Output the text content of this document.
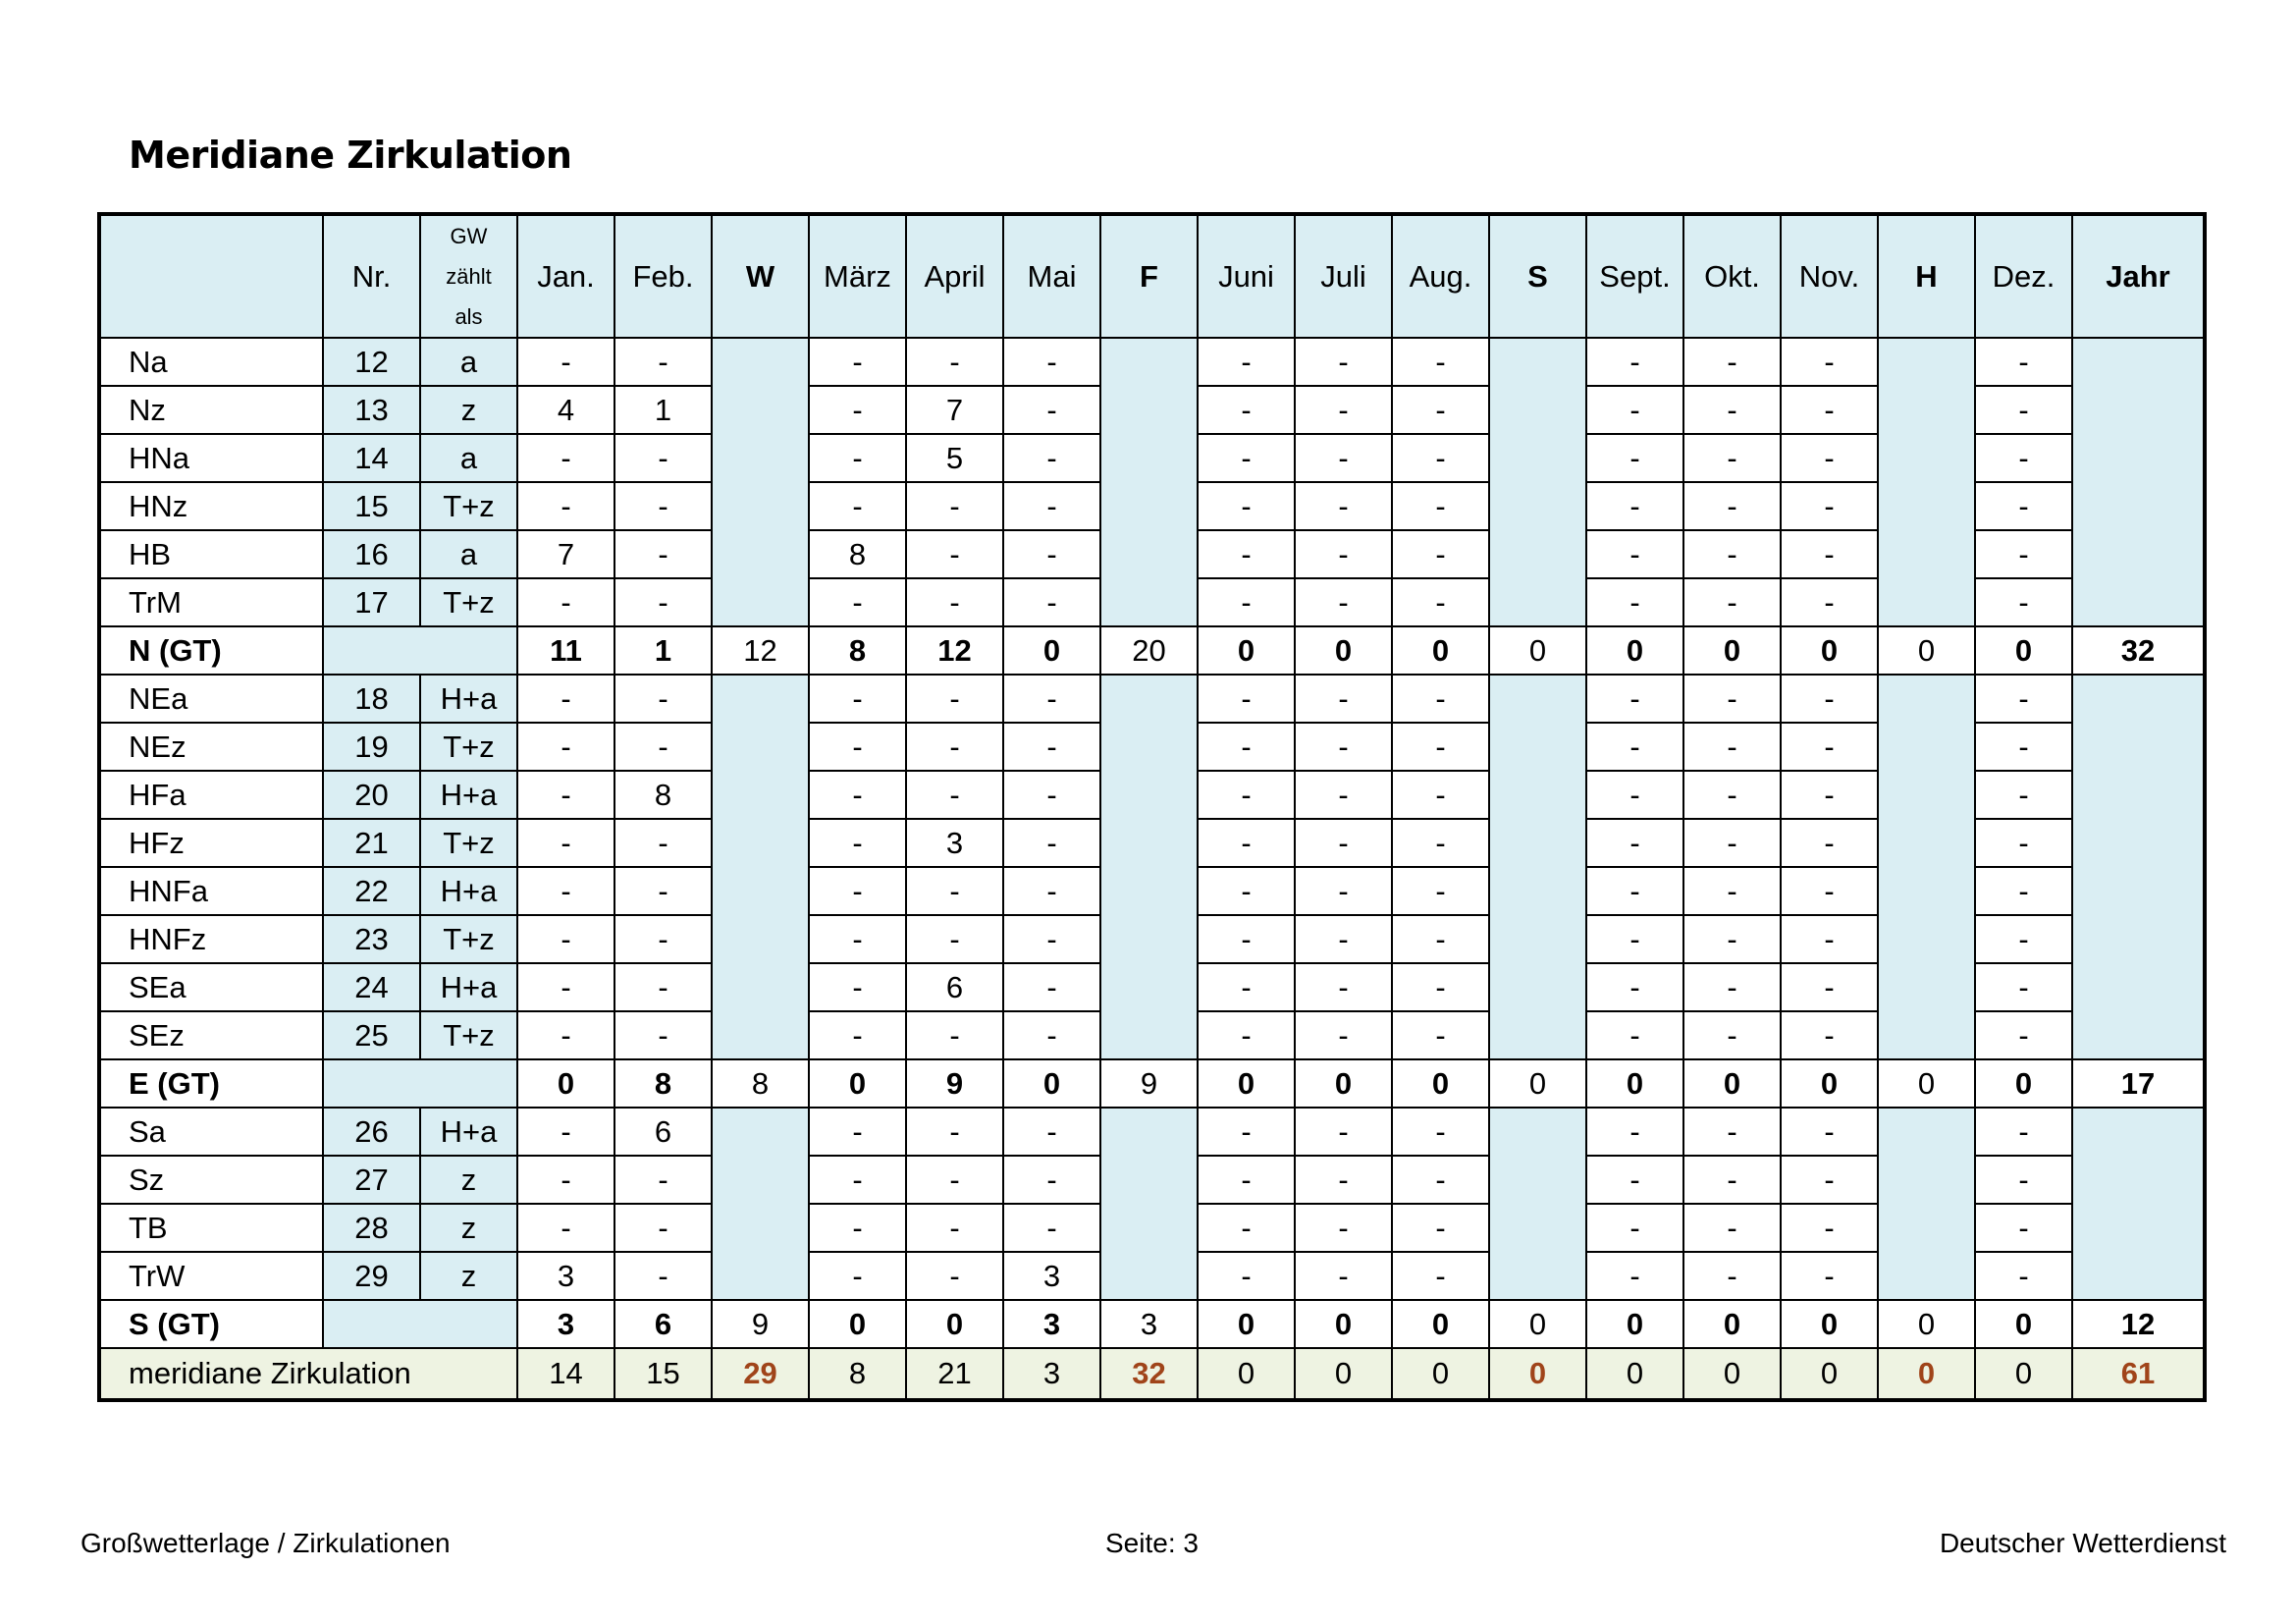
Meridiane Zirkulation
	Nr.	GW
zählt
als	Jan.	Feb.	W	März	April	Mai	F	Juni	Juli	Aug.	S	Sept.	Okt.	Nov.	H	Dez.	Jahr
Na	12	a	-	-		-	-	-		-	-	-		-	-	-		-	
Nz	13	z	4	1		-	7	-		-	-	-		-	-	-		-	
HNa	14	a	-	-		-	5	-		-	-	-		-	-	-		-	
HNz	15	T+z	-	-		-	-	-		-	-	-		-	-	-		-	
HB	16	a	7	-		8	-	-		-	-	-		-	-	-		-	
TrM	17	T+z	-	-		-	-	-		-	-	-		-	-	-		-	
N (GT)			11	1	12	8	12	0	20	0	0	0	0	0	0	0	0	0	32
NEa	18	H+a	-	-		-	-	-		-	-	-		-	-	-		-	
NEz	19	T+z	-	-		-	-	-		-	-	-		-	-	-		-	
HFa	20	H+a	-	8		-	-	-		-	-	-		-	-	-		-	
HFz	21	T+z	-	-		-	3	-		-	-	-		-	-	-		-	
HNFa	22	H+a	-	-		-	-	-		-	-	-		-	-	-		-	
HNFz	23	T+z	-	-		-	-	-		-	-	-		-	-	-		-	
SEa	24	H+a	-	-		-	6	-		-	-	-		-	-	-		-	
SEz	25	T+z	-	-		-	-	-		-	-	-		-	-	-		-	
E (GT)			0	8	8	0	9	0	9	0	0	0	0	0	0	0	0	0	17
Sa	26	H+a	-	6		-	-	-		-	-	-		-	-	-		-	
Sz	27	z	-	-		-	-	-		-	-	-		-	-	-		-	
TB	28	z	-	-		-	-	-		-	-	-		-	-	-		-	
TrW	29	z	3	-		-	-	3		-	-	-		-	-	-		-	
S (GT)			3	6	9	0	0	3	3	0	0	0	0	0	0	0	0	0	12
meridiane Zirkulation			14	15	29	8	21	3	32	0	0	0	0	0	0	0	0	0	61
Großwetterlage / Zirkulationen	Seite: 3	Deutscher Wetterdienst
